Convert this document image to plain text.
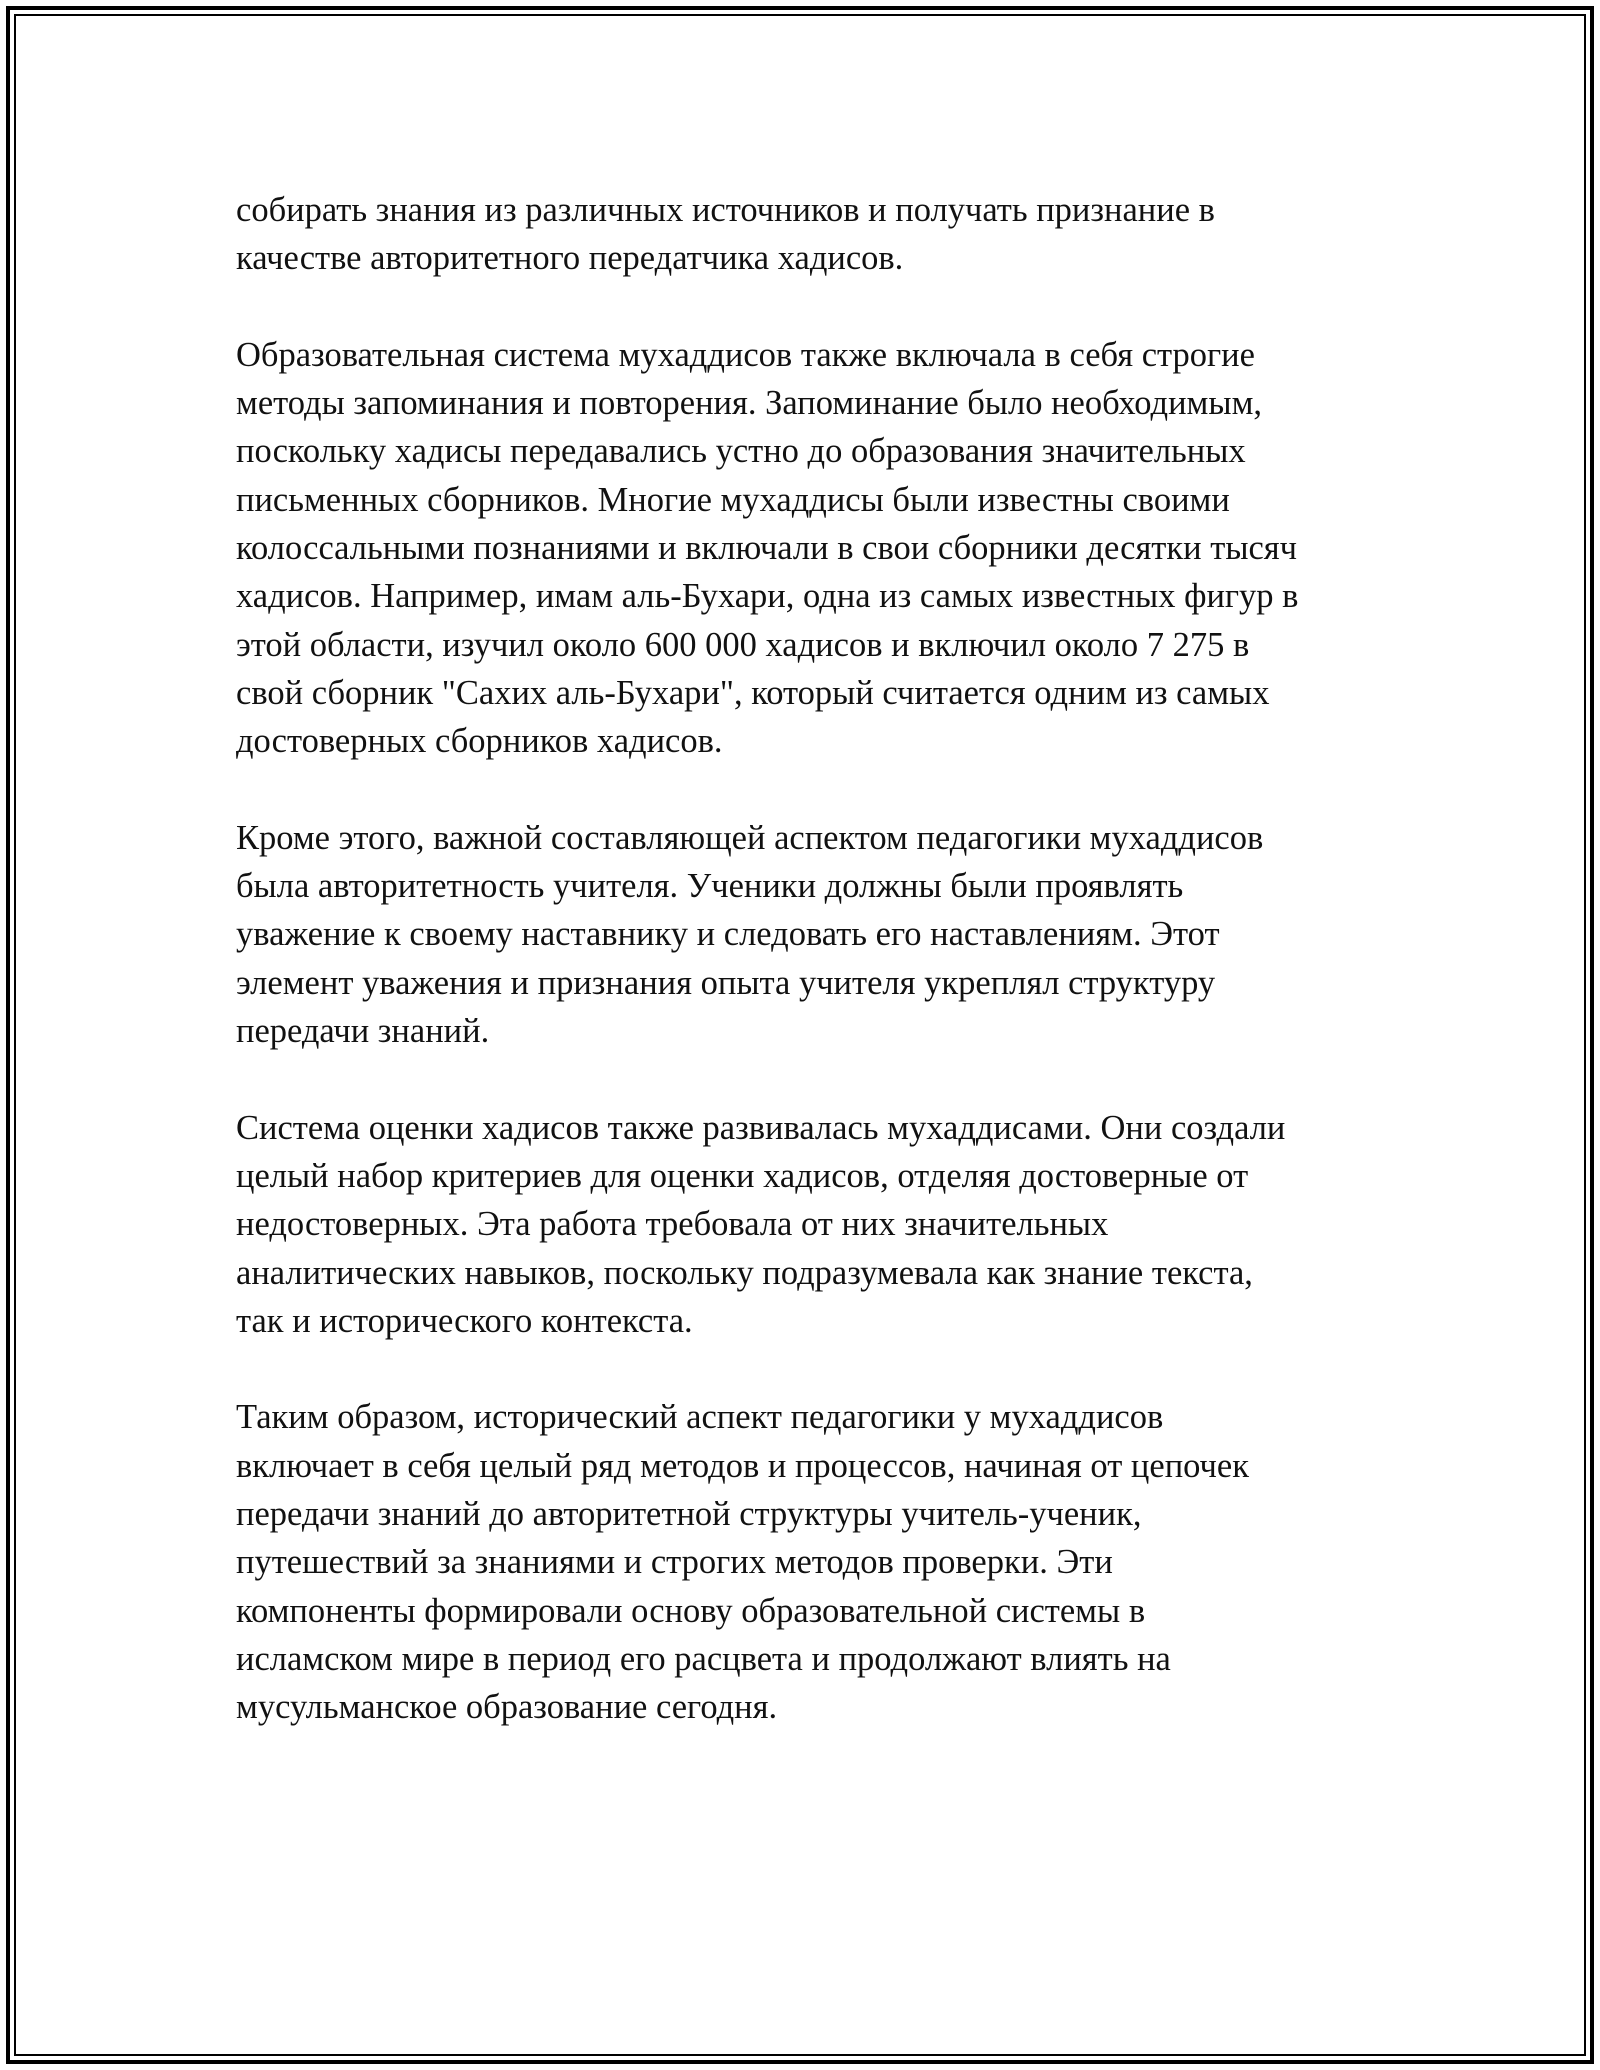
собирать знания из различных источников и получать признание в
качестве авторитетного передатчика хадисов.

Образовательная система мухаддисов также включала в себя строгие
методы запоминания и повторения. Запоминание было необходимым,
поскольку хадисы передавались устно до образования значительных
письменных сборников. Многие мухаддисы были известны своими
колоссальными познаниями и включали в свои сборники десятки тысяч
хадисов. Например, имам аль-Бухари, одна из самых известных фигур в
этой области, изучил около 600 000 хадисов и включил около 7 275 в
свой сборник "Сахих аль-Бухари", который считается одним из самых
достоверных сборников хадисов.

Кроме этого, важной составляющей аспектом педагогики мухаддисов
была авторитетность учителя. Ученики должны были проявлять
уважение к своему наставнику и следовать его наставлениям. Этот
элемент уважения и признания опыта учителя укреплял структуру
передачи знаний.

Система оценки хадисов также развивалась мухаддисами. Они создали
целый набор критериев для оценки хадисов, отделяя достоверные от
недостоверных. Эта работа требовала от них значительных
аналитических навыков, поскольку подразумевала как знание текста,
так и исторического контекста.

Таким образом, исторический аспект педагогики у мухаддисов
включает в себя целый ряд методов и процессов, начиная от цепочек
передачи знаний до авторитетной структуры учитель-ученик,
путешествий за знаниями и строгих методов проверки. Эти
компоненты формировали основу образовательной системы в
исламском мире в период его расцвета и продолжают влиять на
мусульманское образование сегодня.
